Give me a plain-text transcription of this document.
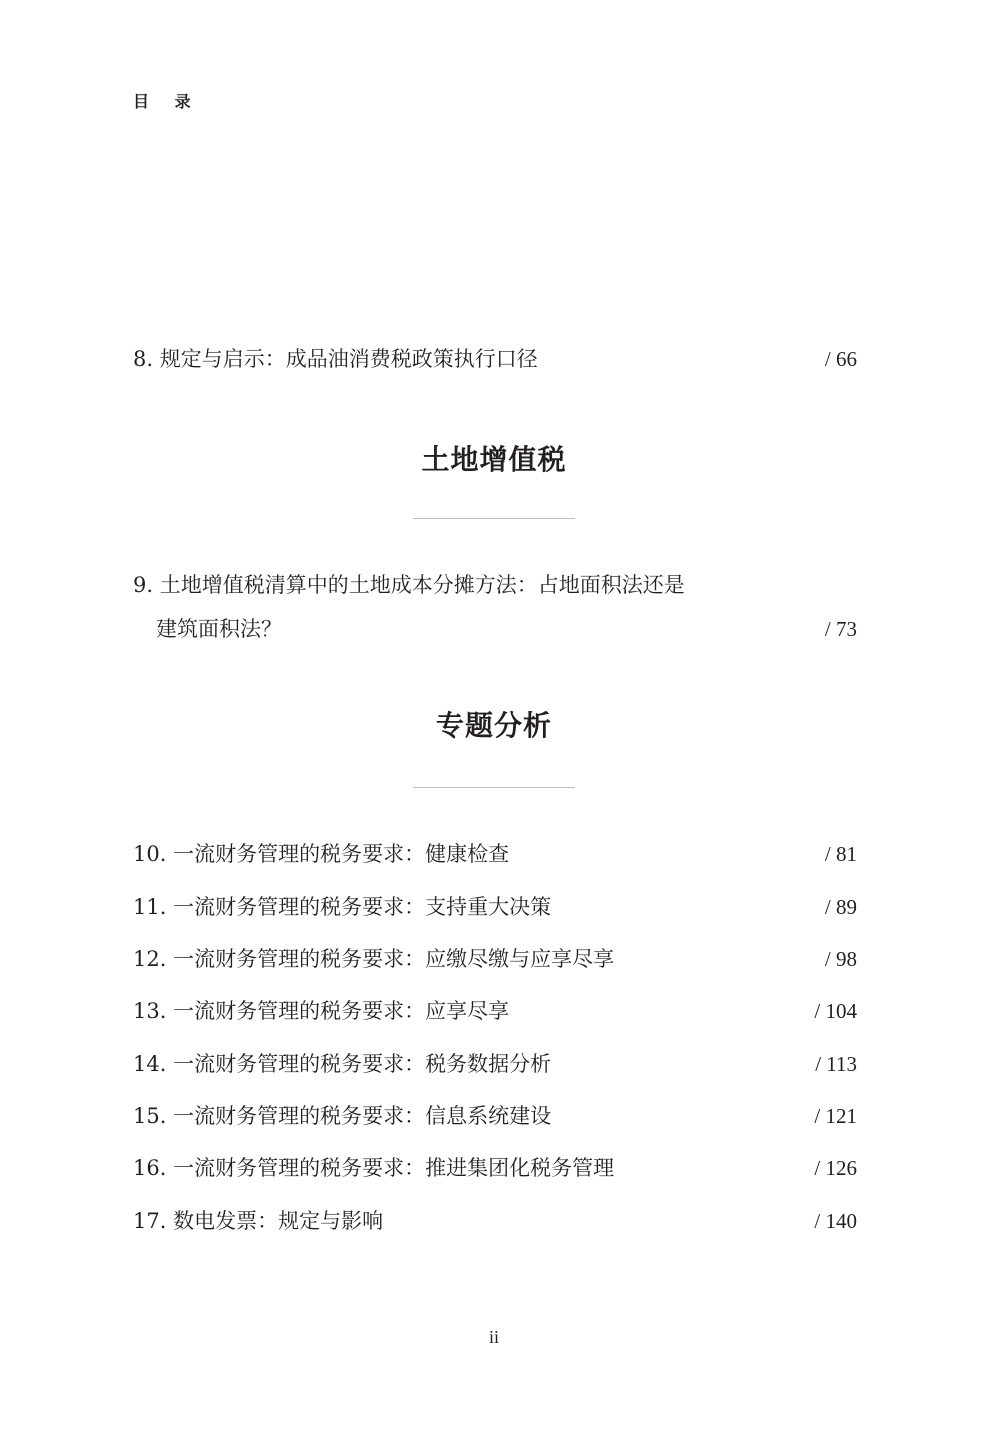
目 录
8. 规定与启示：成品油消费税政策执行口径	/ 66
土地增值税
9. 土地增值税清算中的土地成本分摊方法：占地面积法还是
建筑面积法？	/ 73
专题分析
10. 一流财务管理的税务要求：健康检查	/ 81
11. 一流财务管理的税务要求：支持重大决策	/ 89
12. 一流财务管理的税务要求：应缴尽缴与应享尽享	/ 98
13. 一流财务管理的税务要求：应享尽享	/ 104
14. 一流财务管理的税务要求：税务数据分析	/ 113
15. 一流财务管理的税务要求：信息系统建设	/ 121
16. 一流财务管理的税务要求：推进集团化税务管理	/ 126
17. 数电发票：规定与影响	/ 140
ii
